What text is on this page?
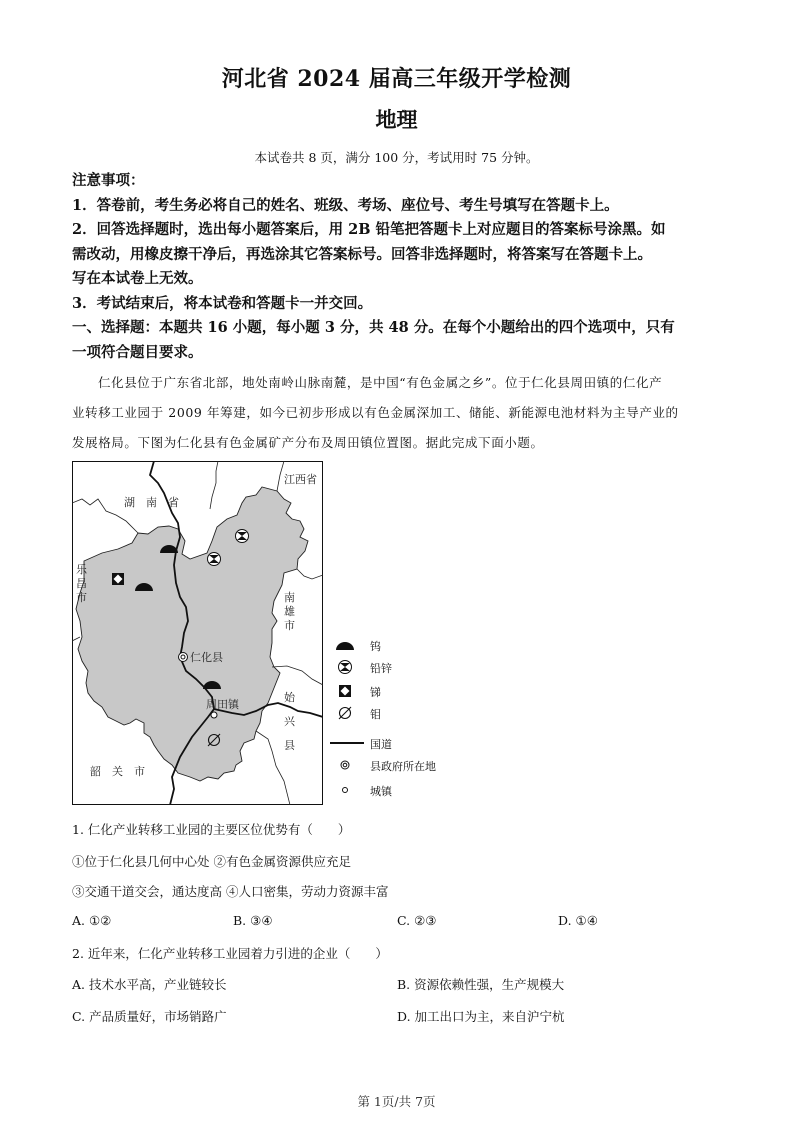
河北省 2024 届高三年级开学检测
地理
本试卷共 8 页，满分 100 分，考试用时 75 分钟。
注意事项：
1．答卷前，考生务必将自己的姓名、班级、考场、座位号、考生号填写在答题卡上。
2．回答选择题时，选出每小题答案后，用 2B 铅笔把答题卡上对应题目的答案标号涂黑。如
需改动，用橡皮擦干净后，再选涂其它答案标号。回答非选择题时，将答案写在答题卡上。
写在本试卷上无效。
3．考试结束后，将本试卷和答题卡一并交回。
一、选择题：本题共 16 小题，每小题 3 分，共 48 分。在每个小题给出的四个选项中，只有
一项符合题目要求。

仁化县位于广东省北部，地处南岭山脉南麓，是中国“有色金属之乡”。位于仁化县周田镇的仁化产

业转移工业园于 2009 年筹建，如今已初步形成以有色金属深加工、储能、新能源电池材料为主导产业的

发展格局。下图为仁化县有色金属矿产分布及周田镇位置图。据此完成下面小题。

湖　南　省
江西省
乐
昌
市	南
雄
市
始
兴
县
韶　关　市
仁化县
周田镇
钨
铅锌
锑
钼
国道
县政府所在地
城镇
1. 仁化产业转移工业园的主要区位优势有（　　）
①位于仁化县几何中心处 ②有色金属资源供应充足
③交通干道交会，通达度高 ④人口密集，劳动力资源丰富
A. ①②	B. ③④	C. ②③	D. ①④
2. 近年来，仁化产业转移工业园着力引进的企业（　　）
A. 技术水平高，产业链较长	B. 资源依赖性强，生产规模大
C. 产品质量好，市场销路广	D. 加工出口为主，来自沪宁杭
第 1页/共 7页
